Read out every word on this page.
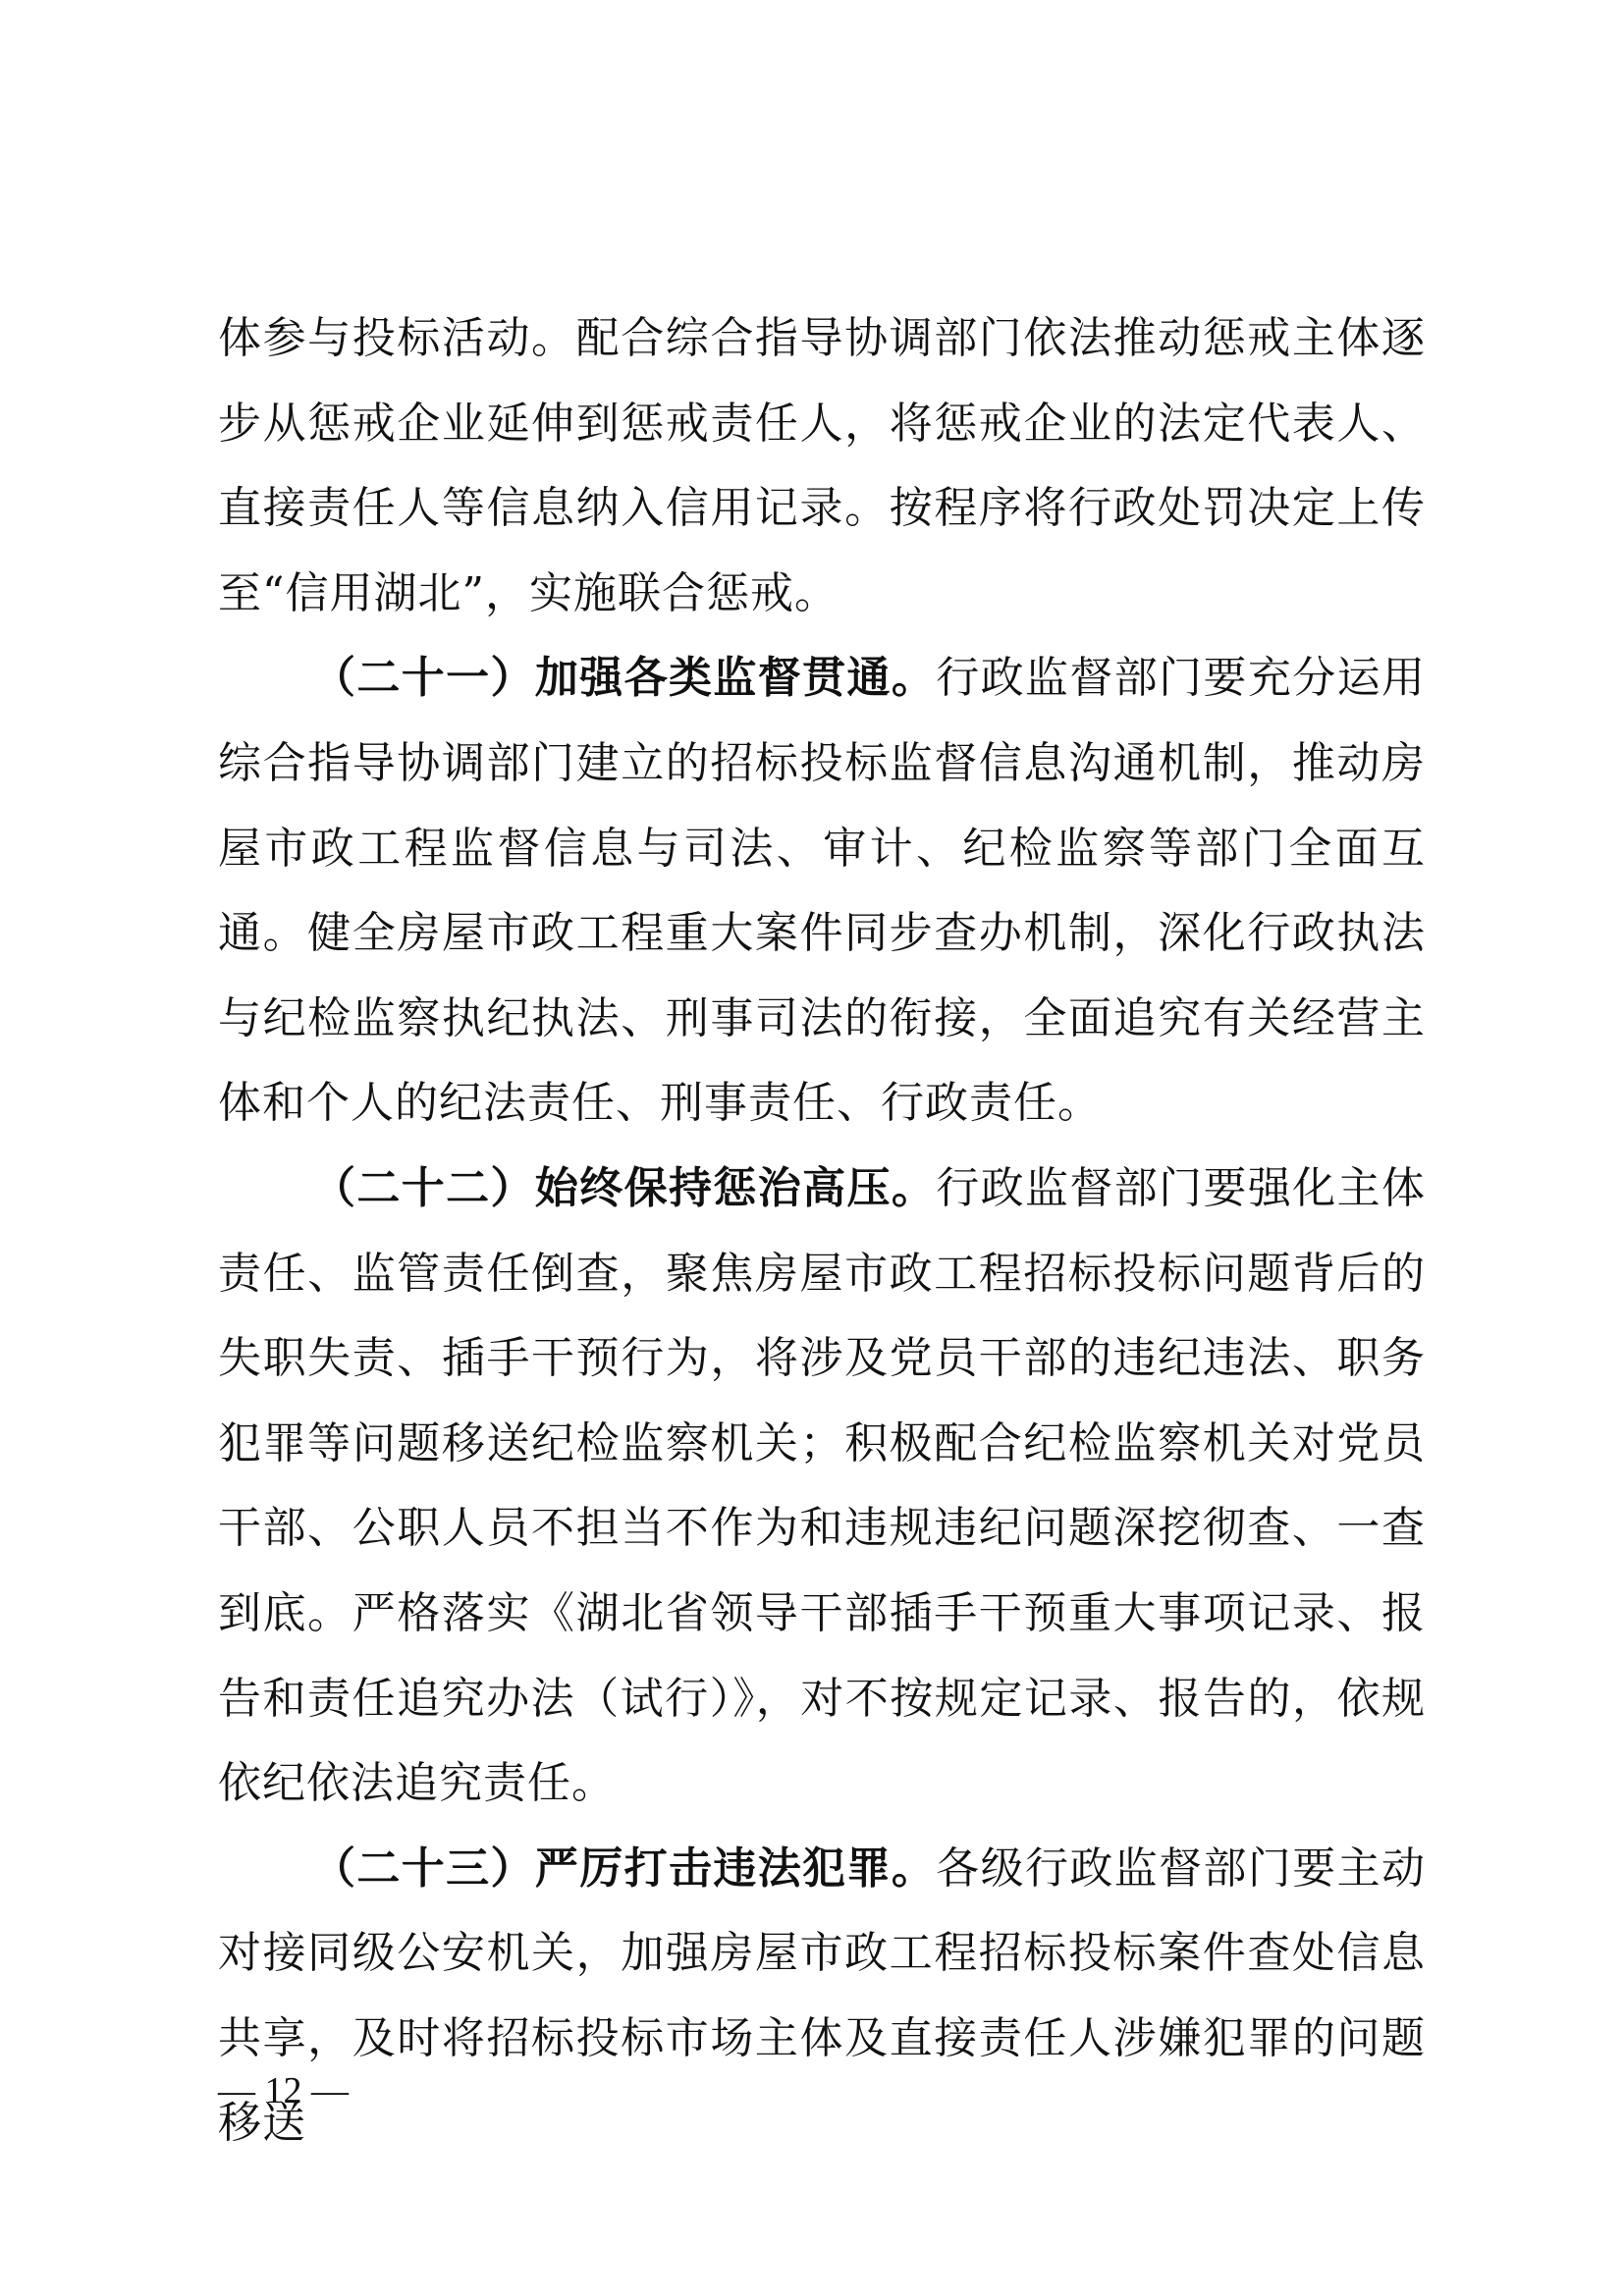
体参与投标活动。配合综合指导协调部门依法推动惩戒主体逐步从惩戒企业延伸到惩戒责任人，将惩戒企业的法定代表人、直接责任人等信息纳入信用记录。按程序将行政处罚决定上传至“信用湖北”，实施联合惩戒。

（二十一）加强各类监督贯通。行政监督部门要充分运用综合指导协调部门建立的招标投标监督信息沟通机制，推动房屋市政工程监督信息与司法、审计、纪检监察等部门全面互通。健全房屋市政工程重大案件同步查办机制，深化行政执法与纪检监察执纪执法、刑事司法的衔接，全面追究有关经营主体和个人的纪法责任、刑事责任、行政责任。

（二十二）始终保持惩治高压。行政监督部门要强化主体责任、监管责任倒查，聚焦房屋市政工程招标投标问题背后的失职失责、插手干预行为，将涉及党员干部的违纪违法、职务犯罪等问题移送纪检监察机关；积极配合纪检监察机关对党员干部、公职人员不担当不作为和违规违纪问题深挖彻查、一查到底。严格落实《湖北省领导干部插手干预重大事项记录、报告和责任追究办法（试行）》，对不按规定记录、报告的，依规依纪依法追究责任。

（二十三）严厉打击违法犯罪。各级行政监督部门要主动对接同级公安机关，加强房屋市政工程招标投标案件查处信息共享，及时将招标投标市场主体及直接责任人涉嫌犯罪的问题移送

— 12 —
